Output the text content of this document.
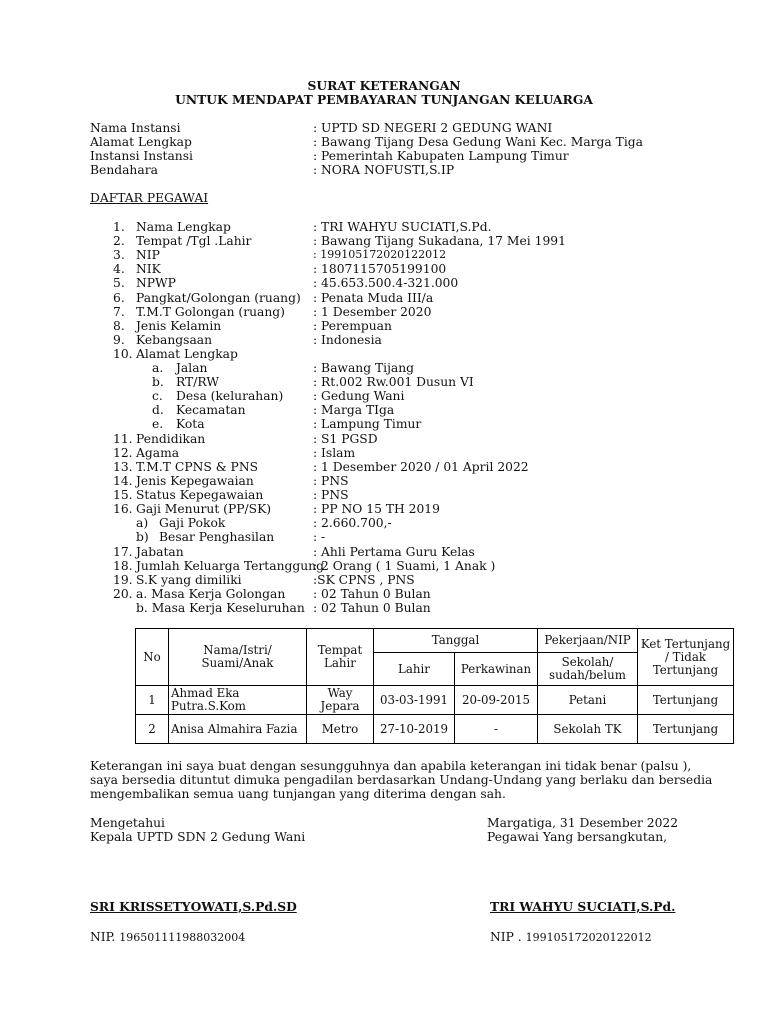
SURAT KETERANGAN
UNTUK MENDAPAT PEMBAYARAN TUNJANGAN KELUARGA
Nama Instansi	: UPTD SD NEGERI 2 GEDUNG WANI
Alamat Lengkap	: Bawang Tijang Desa Gedung Wani Kec. Marga Tiga
Instansi Instansi	: Pemerintah Kabupaten Lampung Timur
Bendahara	: NORA NOFUSTI,S.IP
DAFTAR PEGAWAI
1. Nama Lengkap	: TRI WAHYU SUCIATI,S.Pd.
2. Tempat /Tgl .Lahir	: Bawang Tijang Sukadana, 17 Mei 1991
3. NIP	: 199105172020122012
4. NIK	: 1807115705199100
5. NPWP	: 45.653.500.4-321.000
6. Pangkat/Golongan (ruang) : Penata Muda III/a
7. T.M.T Golongan (ruang) : 1 Desember 2020
8. Jenis Kelamin	: Perempuan
9. Kebangsaan	: Indonesia
10. Alamat Lengkap
a. Jalan	: Bawang Tijang
b. RT/RW	: Rt.002 Rw.001 Dusun VI
c. Desa (kelurahan) : Gedung Wani
d. Kecamatan	: Marga TIga
e. Kota	: Lampung Timur
11. Pendidikan	: S1 PGSD
12. Agama	: Islam
13. T.M.T CPNS & PNS	: 1 Desember 2020 / 01 April 2022
14. Jenis Kepegawaian	: PNS
15. Status Kepegawaian	: PNS
16. Gaji Menurut (PP/SK)	: PP NO 15 TH 2019
a) Gaji Pokok	: 2.660.700,-
b) Besar Penghasilan	: -
17. Jabatan	: Ahli Pertama Guru Kelas
18. Jumlah Keluarga Tertanggung
: 2 Orang ( 1 Suami, 1 Anak )
19. S.K yang dimiliki	:SK CPNS , PNS
20. a. Masa Kerja Golongan : 02 Tahun 0 Bulan
b. Masa Kerja Keseluruhan : 02 Tahun 0 Bulan
No	Nama/Istri/ Suami/Anak	Tempat Lahir	Tanggal		Pekerjaan/NIP	Ket Tertunjang / Tidak Tertunjang
			Lahir	Perkawinan	Sekolah/ sudah/belum	
1	Ahmad Eka Putra.S.Kom	Way Jepara	03-03-1991	20-09-2015	Petani	Tertunjang
2	Anisa Almahira Fazia	Metro	27-10-2019	-	Sekolah TK	Tertunjang
Keterangan ini saya buat dengan sesungguhnya dan apabila keterangan ini tidak benar (palsu ),
saya bersedia dituntut dimuka pengadilan berdasarkan Undang-Undang yang berlaku dan bersedia
mengembalikan semua uang tunjangan yang diterima dengan sah.
Mengetahui
Kepala UPTD SDN 2 Gedung Wani
Margatiga, 31 Desember 2022
Pegawai Yang bersangkutan,
SRI KRISSETYOWATI,S.Pd.SD	TRI WAHYU SUCIATI,S.Pd.
NIP. 196501111988032004	NIP . 199105172020122012
